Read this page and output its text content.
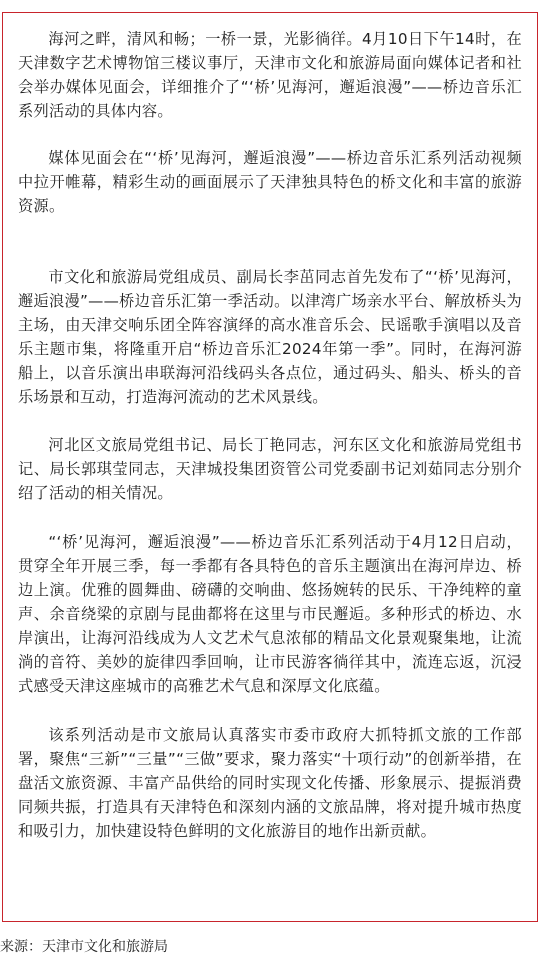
海河之畔，清风和畅；一桥一景，光影徜徉。4月10日下午14时，在天津数字艺术博物馆三楼议事厅，天津市文化和旅游局面向媒体记者和社会举办媒体见面会，详细推介了“‘桥’见海河，邂逅浪漫”——桥边音乐汇系列活动的具体内容。

媒体见面会在“‘桥’见海河，邂逅浪漫”——桥边音乐汇系列活动视频中拉开帷幕，精彩生动的画面展示了天津独具特色的桥文化和丰富的旅游资源。

市文化和旅游局党组成员、副局长李茁同志首先发布了“‘桥’见海河，邂逅浪漫”——桥边音乐汇第一季活动。以津湾广场亲水平台、解放桥头为主场，由天津交响乐团全阵容演绎的高水准音乐会、民谣歌手演唱以及音乐主题市集，将隆重开启“桥边音乐汇2024年第一季”。同时，在海河游船上，以音乐演出串联海河沿线码头各点位，通过码头、船头、桥头的音乐场景和互动，打造海河流动的艺术风景线。

河北区文旅局党组书记、局长丁艳同志，河东区文化和旅游局党组书记、局长郭琪莹同志，天津城投集团资管公司党委副书记刘茹同志分别介绍了活动的相关情况。

“‘桥’见海河，邂逅浪漫”——桥边音乐汇系列活动于4月12日启动，贯穿全年开展三季，每一季都有各具特色的音乐主题演出在海河岸边、桥边上演。优雅的圆舞曲、磅礴的交响曲、悠扬婉转的民乐、干净纯粹的童声、余音绕梁的京剧与昆曲都将在这里与市民邂逅。多种形式的桥边、水岸演出，让海河沿线成为人文艺术气息浓郁的精品文化景观聚集地，让流淌的音符、美妙的旋律四季回响，让市民游客徜徉其中，流连忘返，沉浸式感受天津这座城市的高雅艺术气息和深厚文化底蕴。

该系列活动是市文旅局认真落实市委市政府大抓特抓文旅的工作部署，聚焦“三新”“三量”“三做”要求，聚力落实“十项行动”的创新举措，在盘活文旅资源、丰富产品供给的同时实现文化传播、形象展示、提振消费同频共振，打造具有天津特色和深刻内涵的文旅品牌，将对提升城市热度和吸引力，加快建设特色鲜明的文化旅游目的地作出新贡献。

来源：天津市文化和旅游局
